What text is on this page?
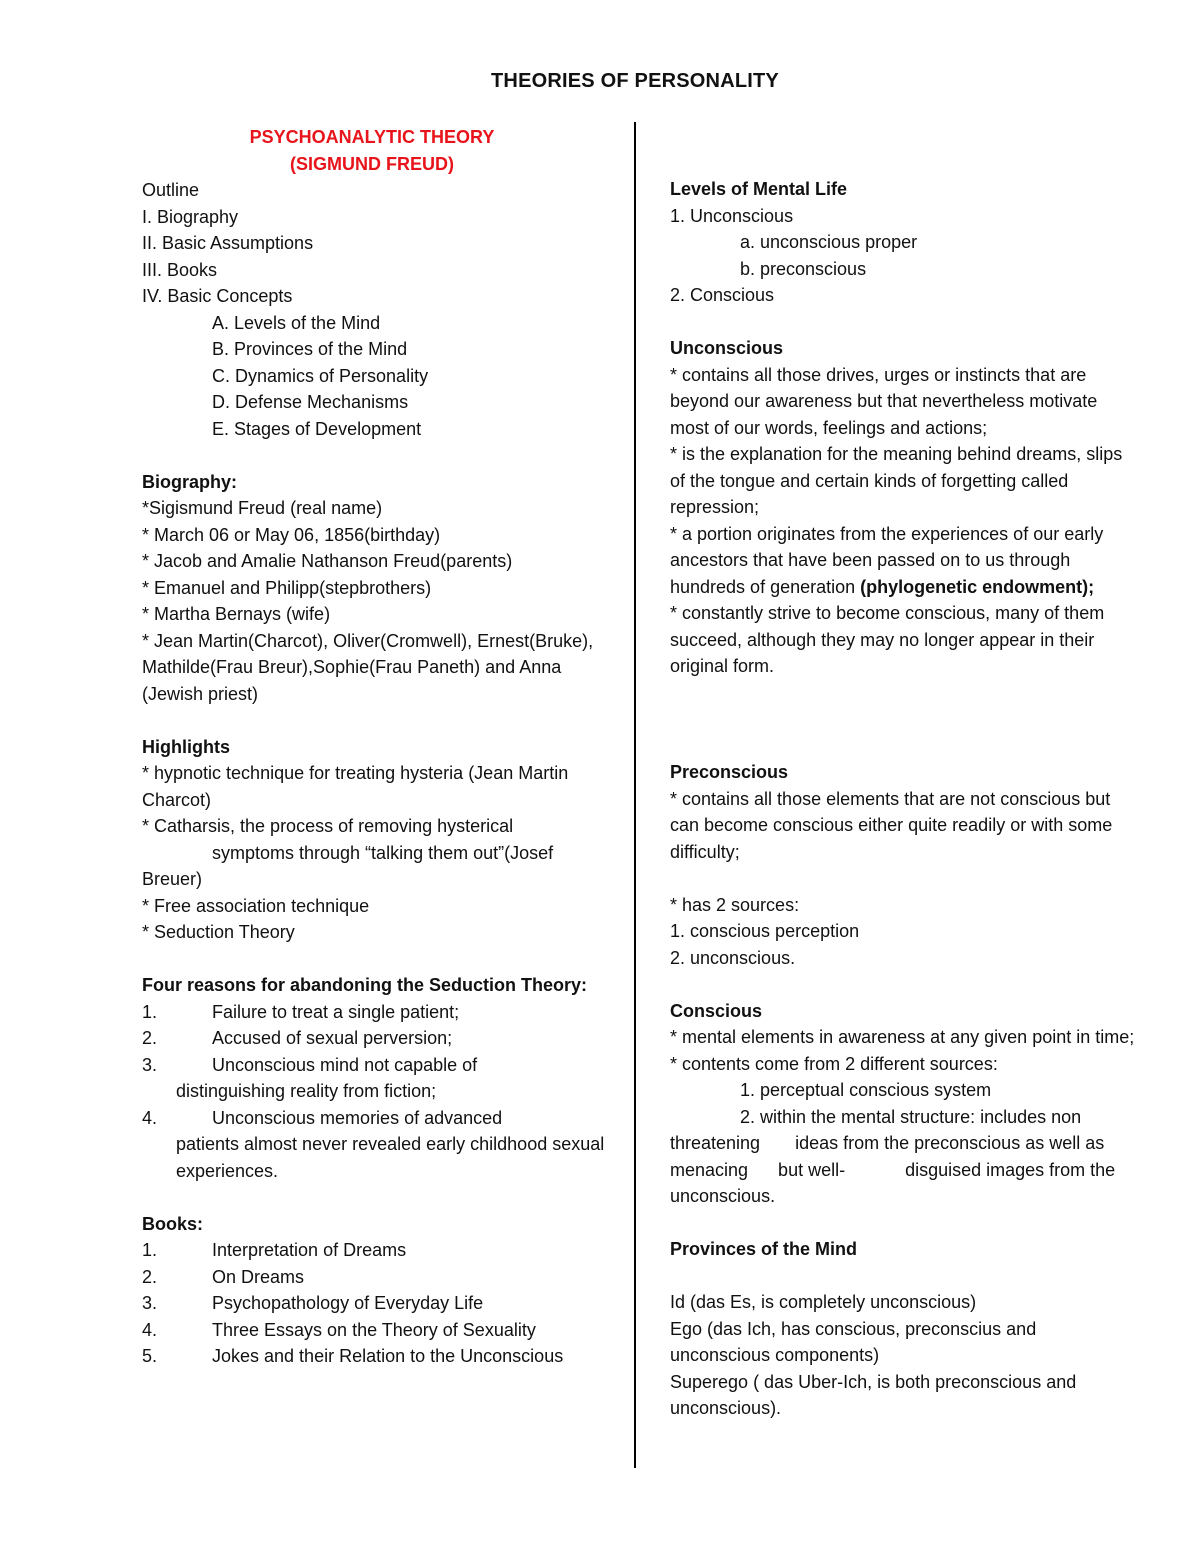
THEORIES OF PERSONALITY
PSYCHOANALYTIC THEORY
(SIGMUND FREUD)
Outline
I. Biography
II. Basic Assumptions
III. Books
IV. Basic Concepts
A. Levels of the Mind
B. Provinces of the Mind
C. Dynamics of Personality
D. Defense Mechanisms
E. Stages of Development
Biography:
*Sigismund Freud (real name)
* March 06 or May 06, 1856(birthday)
* Jacob and Amalie Nathanson Freud(parents)
* Emanuel and Philipp(stepbrothers)
* Martha Bernays (wife)
* Jean Martin(Charcot), Oliver(Cromwell), Ernest(Bruke), Mathilde(Frau Breur),Sophie(Frau Paneth) and Anna (Jewish priest)
Highlights
* hypnotic technique for treating hysteria (Jean Martin Charcot)
* Catharsis, the process of removing hysterical
symptoms through “talking them out”(Josef
Breuer)
* Free association technique
* Seduction Theory
Four reasons for abandoning the Seduction Theory:
1.	Failure to treat a single patient;
2.	Accused of sexual perversion;
3.	Unconscious mind not capable of
distinguishing reality from fiction;
4.	Unconscious memories of advanced
patients almost never revealed early childhood sexual experiences.
Books:
1.	Interpretation of Dreams
2.	On Dreams
3.	Psychopathology of Everyday Life
4.	Three Essays on the Theory of Sexuality
5.	Jokes and their Relation to the Unconscious
Levels of Mental Life
1. Unconscious
a. unconscious proper
b. preconscious
2. Conscious
Unconscious
* contains all those drives, urges or instincts that are beyond our awareness but that nevertheless motivate most of our words, feelings and actions;
* is the explanation for the meaning behind dreams, slips of the tongue and certain kinds of forgetting called repression;
* a portion originates from the experiences of our early ancestors that have been passed on to us through hundreds of generation (phylogenetic endowment);
* constantly strive to become conscious, many of them succeed, although they may no longer appear in their original form.
Preconscious
* contains all those elements that are not conscious but can become conscious either quite readily or with some difficulty;
* has 2 sources:
1. conscious perception
2. unconscious.
Conscious
* mental elements in awareness at any given point in time;
* contents come from 2 different sources:
1. perceptual conscious system
2. within the mental structure: includes non threatening       ideas from the preconscious as well as menacing      but well-            disguised images from the unconscious.
Provinces of the Mind
Id (das Es, is completely unconscious)
Ego (das Ich, has conscious, preconscius and unconscious components)
Superego ( das Uber-Ich, is both preconscious and unconscious).
